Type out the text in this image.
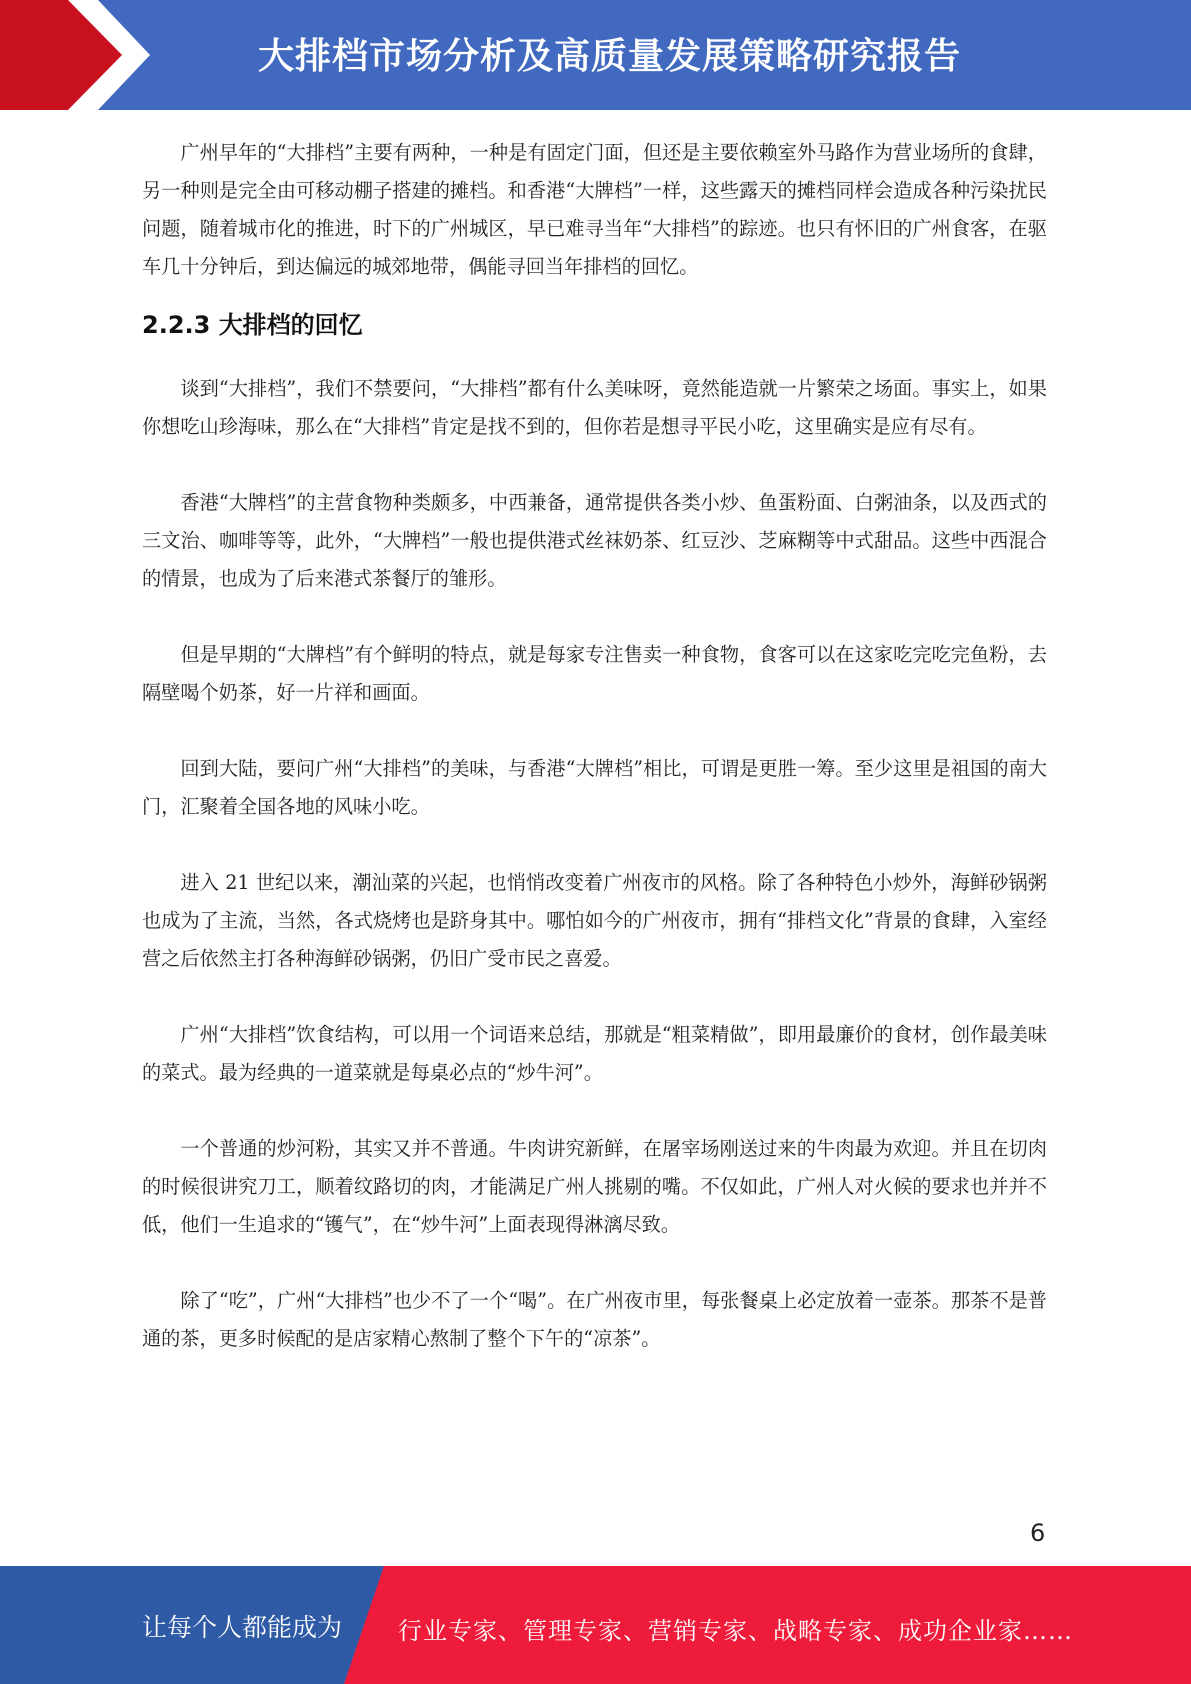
大排档市场分析及高质量发展策略研究报告

广州早年的“大排档”主要有两种，一种是有固定门面，但还是主要依赖室外马路作为营业场所的食肆，另一种则是完全由可移动棚子搭建的摊档。和香港“大牌档”一样，这些露天的摊档同样会造成各种污染扰民问题，随着城市化的推进，时下的广州城区，早已难寻当年“大排档”的踪迹。也只有怀旧的广州食客，在驱车几十分钟后，到达偏远的城郊地带，偶能寻回当年排档的回忆。

2.2.3 大排档的回忆

谈到“大排档”，我们不禁要问，“大排档”都有什么美味呀，竟然能造就一片繁荣之场面。事实上，如果你想吃山珍海味，那么在“大排档”肯定是找不到的，但你若是想寻平民小吃，这里确实是应有尽有。

香港“大牌档”的主营食物种类颇多，中西兼备，通常提供各类小炒、鱼蛋粉面、白粥油条，以及西式的三文治、咖啡等等，此外，“大牌档”一般也提供港式丝袜奶茶、红豆沙、芝麻糊等中式甜品。这些中西混合的情景，也成为了后来港式茶餐厅的雏形。

但是早期的“大牌档”有个鲜明的特点，就是每家专注售卖一种食物，食客可以在这家吃完吃完鱼粉，去隔壁喝个奶茶，好一片祥和画面。

回到大陆，要问广州“大排档”的美味，与香港“大牌档”相比，可谓是更胜一筹。至少这里是祖国的南大门，汇聚着全国各地的风味小吃。

进入 21 世纪以来，潮汕菜的兴起，也悄悄改变着广州夜市的风格。除了各种特色小炒外，海鲜砂锅粥也成为了主流，当然，各式烧烤也是跻身其中。哪怕如今的广州夜市，拥有“排档文化”背景的食肆，入室经营之后依然主打各种海鲜砂锅粥，仍旧广受市民之喜爱。

广州“大排档”饮食结构，可以用一个词语来总结，那就是“粗菜精做”，即用最廉价的食材，创作最美味的菜式。最为经典的一道菜就是每桌必点的“炒牛河”。

一个普通的炒河粉，其实又并不普通。牛肉讲究新鲜，在屠宰场刚送过来的牛肉最为欢迎。并且在切肉的时候很讲究刀工，顺着纹路切的肉，才能满足广州人挑剔的嘴。不仅如此，广州人对火候的要求也并并不低，他们一生追求的“镬气”，在“炒牛河”上面表现得淋漓尽致。

除了“吃”，广州“大排档”也少不了一个“喝”。在广州夜市里，每张餐桌上必定放着一壶茶。那茶不是普通的茶，更多时候配的是店家精心熬制了整个下午的“凉茶”。

6
让每个人都能成为 行业专家、管理专家、营销专家、战略专家、成功企业家……
